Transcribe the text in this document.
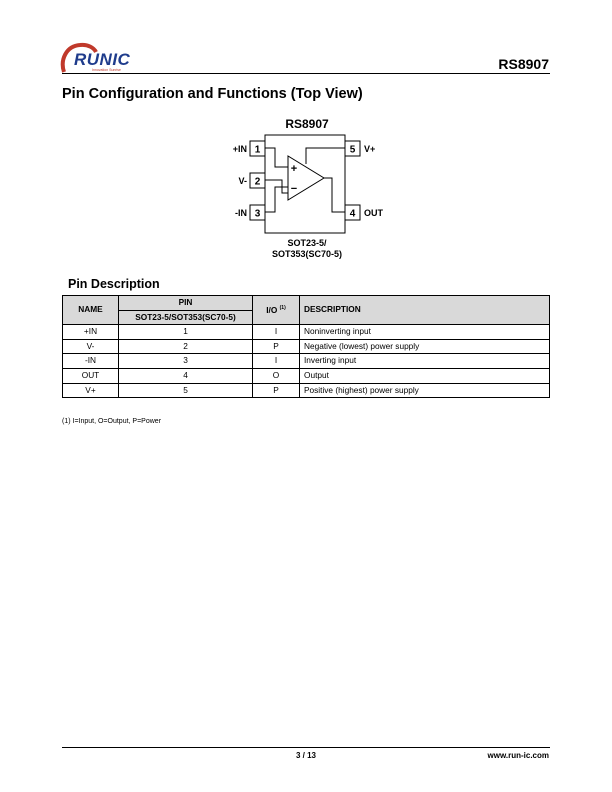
RUNIC
Innovation Sunrise	RS8907
Pin Configuration and Functions (Top View)
RS8907
1
2
3
5
4
+IN
V-
-IN
V+
OUT
+
−
SOT23-5/
SOT353(SC70-5)
Pin Description
NAME	PIN	I/O $^{(1)}$	DESCRIPTION
	SOT23-5/SOT353(SC70-5)		
+IN	1	I	Noninverting input
V-	2	P	Negative (lowest) power supply
-IN	3	I	Inverting input
OUT	4	O	Output
V+	5	P	Positive (highest) power supply
(1) I=Input, O=Output, P=Power
3 / 13	www.run-ic.com
